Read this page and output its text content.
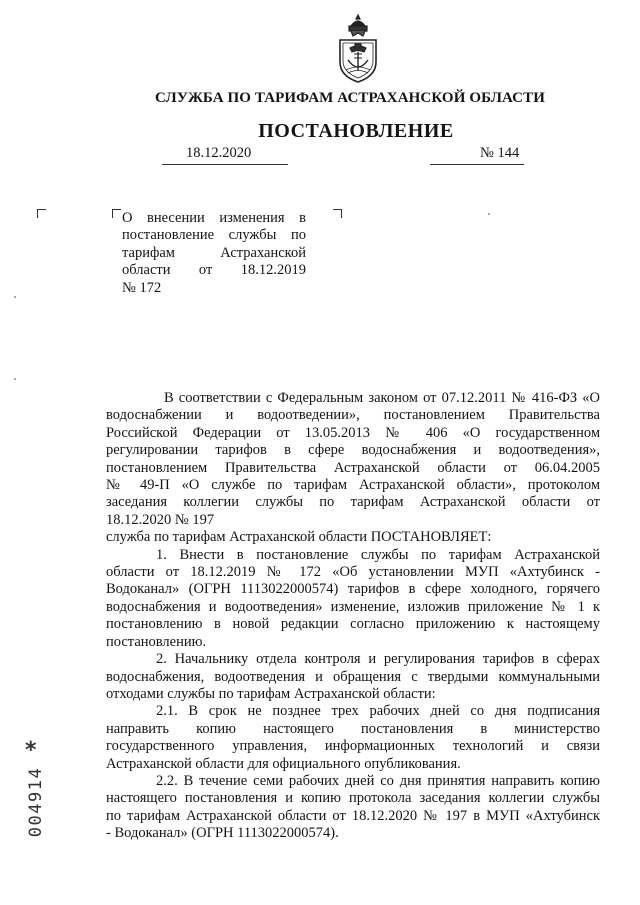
СЛУЖБА ПО ТАРИФАМ АСТРАХАНСКОЙ ОБЛАСТИ
ПОСТАНОВЛЕНИЕ
18.12.2020	№ 144
О внесении изменения в
постановление службы по
тарифам Астраханской
области от 18.12.2019
№ 172
В соответствии с Федеральным законом от 07.12.2011 № 416-ФЗ «О
водоснабжении и водоотведении», постановлением Правительства
Российской Федерации от 13.05.2013 № 406 «О государственном
регулировании тарифов в сфере водоснабжения и водоотведения»,
постановлением Правительства Астраханской области от 06.04.2005
№ 49-П «О службе по тарифам Астраханской области», протоколом
заседания коллегии службы по тарифам Астраханской области от
18.12.2020 № 197
служба по тарифам Астраханской области ПОСТАНОВЛЯЕТ:
1. Внести в постановление службы по тарифам Астраханской
области от 18.12.2019 № 172 «Об установлении МУП «Ахтубинск -
Водоканал» (ОГРН 1113022000574) тарифов в сфере холодного, горячего
водоснабжения и водоотведения» изменение, изложив приложение № 1 к
постановлению в новой редакции согласно приложению к настоящему
постановлению.
2. Начальнику отдела контроля и регулирования тарифов в сферах
водоснабжения, водоотведения и обращения с твердыми коммунальными
отходами службы по тарифам Астраханской области:
2.1. В срок не позднее трех рабочих дней со дня подписания
направить копию настоящего постановления в министерство
государственного управления, информационных технологий и связи
Астраханской области для официального опубликования.
2.2. В течение семи рабочих дней со дня принятия направить копию
настоящего постановления и копию протокола заседания коллегии службы
по тарифам Астраханской области от 18.12.2020 № 197 в МУП «Ахтубинск
- Водоканал» (ОГРН 1113022000574).
*
004914
